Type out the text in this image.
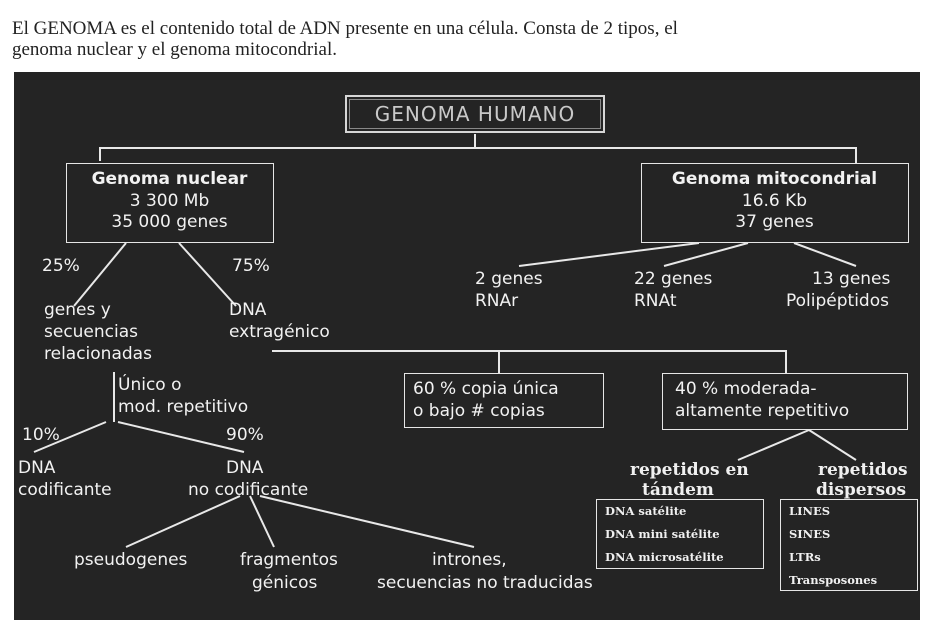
El GENOMA es el contenido total de ADN presente en una célula. Consta de 2 tipos, el
genoma nuclear y el genoma mitocondrial.
GENOMA HUMANO
Genoma nuclear
3 300 Mb
35 000 genes
25%	75%
genes y
secuencias
relacionadas
DNA
extragénico
Genoma mitocondrial
16.6 Kb
37 genes
2 genes
RNAr
22 genes
RNAt
13 genes
Polipéptidos
Único o
mod. repetitivo
10%	90%
DNA
codificante
DNA
no codificante
pseudogenes	fragmentos
génicos
intrones,
secuencias no traducidas
60 % copia única
o bajo # copias
40 % moderada-
altamente repetitivo
repetidos en
tándem
DNA satélite
DNA mini satélite
DNA microsatélite
repetidos
dispersos
LINES
SINES
LTRs
Transposones
